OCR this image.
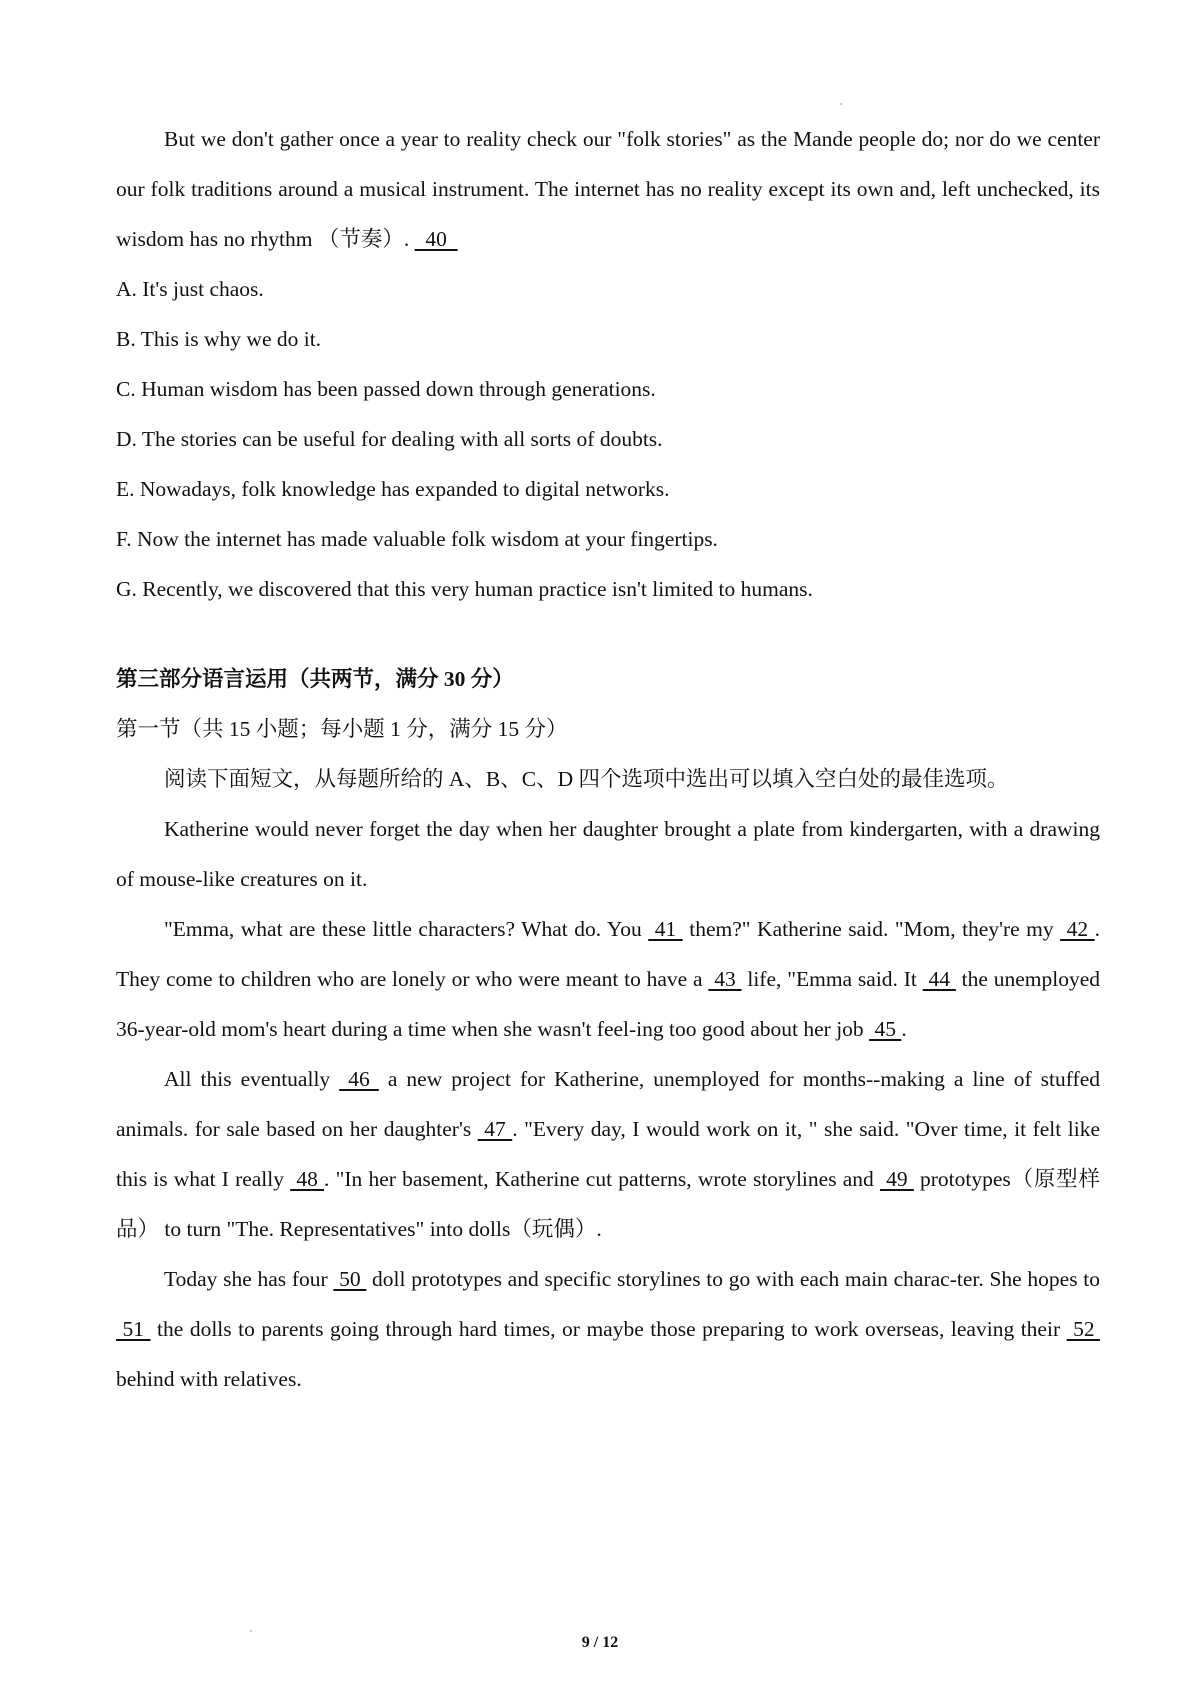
But we don't gather once a year to reality check our "folk stories" as the Mande people do; nor do we center our folk traditions around a musical instrument. The internet has no reality except its own and, left unchecked, its wisdom has no rhythm （节奏）.   40

A. It's just chaos.

B. This is why we do it.

C. Human wisdom has been passed down through generations.

D. The stories can be useful for dealing with all sorts of doubts.

E. Nowadays, folk knowledge has expanded to digital networks.

F. Now the internet has made valuable folk wisdom at your fingertips.

G. Recently, we discovered that this very human practice isn't limited to humans.

第三部分语言运用（共两节，满分 30 分）

第一节（共 15 小题；每小题 1 分，满分 15 分）

阅读下面短文，从每题所给的 A、B、C、D 四个选项中选出可以填入空白处的最佳选项。

Katherine would never forget the day when her daughter brought a plate from kindergarten, with a drawing of mouse-like creatures on it.

"Emma, what are these little characters? What do. You  41  them?" Katherine said. "Mom, they're my  42 . They come to children who are lonely or who were meant to have a  43  life, "Emma said. It  44  the unemployed 36-year-old mom's heart during a time when she wasn't feel-ing too good about her job  45 .

All this eventually  46  a new project for Katherine, unemployed for months--making a line of stuffed animals. for sale based on her daughter's  47 . "Every day, I would work on it, " she said. "Over time, it felt like this is what I really  48 . "In her basement, Katherine cut patterns, wrote storylines and  49  prototypes（原型样品） to turn "The. Representatives" into dolls（玩偶）.

Today she has four  50  doll prototypes and specific storylines to go with each main charac-ter. She hopes to  51  the dolls to parents going through hard times, or maybe those preparing to work overseas, leaving their  52  behind with relatives.

9 / 12
